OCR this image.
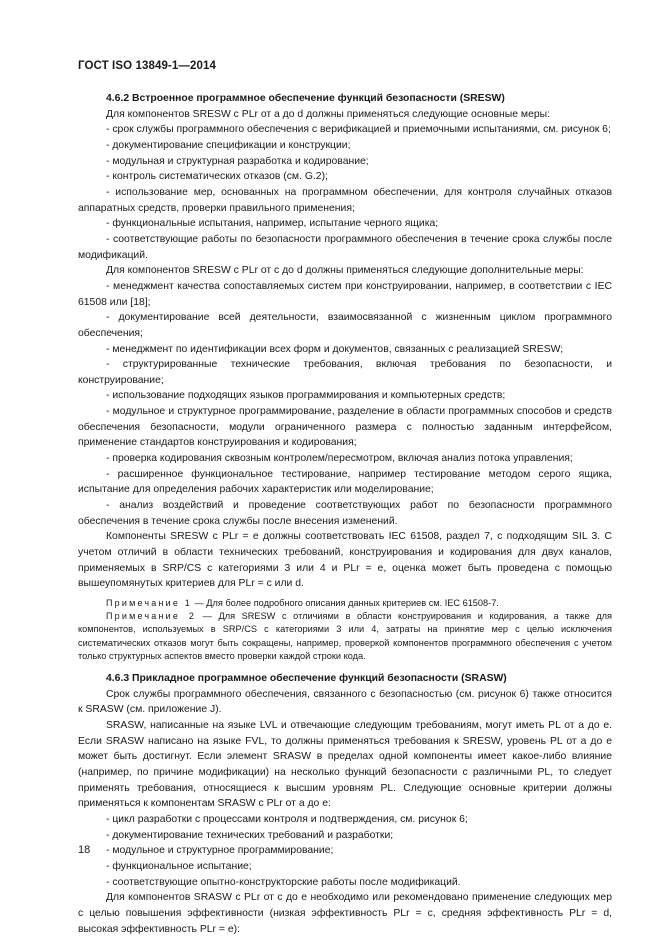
ГОСТ ISO 13849-1—2014

4.6.2 Встроенное программное обеспечение функций безопасности (SRESW)

Для компонентов SRESW с PLr от a до d должны применяться следующие основные меры:

- срок службы программного обеспечения с верификацией и приемочными испытаниями, см. рисунок 6;

- документирование спецификации и конструкции;

- модульная и структурная разработка и кодирование;

- контроль систематических отказов (см. G.2);

- использование мер, основанных на программном обеспечении, для контроля случайных отказов аппаратных средств, проверки правильного применения;

- функциональные испытания, например, испытание черного ящика;

- соответствующие работы по безопасности программного обеспечения в течение срока службы после модификаций.

Для компонентов SRESW с PLr от c до d должны применяться следующие дополнительные меры:

- менеджмент качества сопоставляемых систем при конструировании, например, в соответствии с IEC 61508 или [18];

- документирование всей деятельности, взаимосвязанной с жизненным циклом программного обеспечения;

- менеджмент по идентификации всех форм и документов, связанных с реализацией SRESW;

- структурированные технические требования, включая требования по безопасности, и конструирование;

- использование подходящих языков программирования и компьютерных средств;

- модульное и структурное программирование, разделение в области программных способов и средств обеспечения безопасности, модули ограниченного размера с полностью заданным интерфейсом, применение стандартов конструирования и кодирования;

- проверка кодирования сквозным контролем/пересмотром, включая анализ потока управления;

- расширенное функциональное тестирование, например тестирование методом серого ящика, испытание для определения рабочих характеристик или моделирование;

- анализ воздействий и проведение соответствующих работ по безопасности программного обеспечения в течение срока службы после внесения изменений.

Компоненты SRESW с PLr = e должны соответствовать IEC 61508, раздел 7, с подходящим SIL 3. С учетом отличий в области технических требований, конструирования и кодирования для двух каналов, применяемых в SRP/CS с категориями 3 или 4 и PLr = e, оценка может быть проведена с помощью вышеупомянутых критериев для PLr = c или d.

Примечание 1 — Для более подробного описания данных критериев см. IEC 61508-7.

Примечание 2 — Для SRESW с отличиями в области конструирования и кодирования, а также для компонентов, используемых в SRP/CS с категориями 3 или 4, затраты на принятие мер с целью исключения систематических отказов могут быть сокращены, например, проверкой компонентов программного обеспечения с учетом только структурных аспектов вместо проверки каждой строки кода.

4.6.3 Прикладное программное обеспечение функций безопасности (SRASW)

Срок службы программного обеспечения, связанного с безопасностью (см. рисунок 6) также относится к SRASW (см. приложение J).

SRASW, написанные на языке LVL и отвечающие следующим требованиям, могут иметь PL от a до e. Если SRASW написано на языке FVL, то должны применяться требования к SRESW, уровень PL от a до e может быть достигнут. Если элемент SRASW в пределах одной компоненты имеет какое-либо влияние (например, по причине модификации) на несколько функций безопасности с различными PL, то следует применять требования, относящиеся к высшим уровням PL. Следующие основные критерии должны применяться к компонентам SRASW с PLr от a до e:

- цикл разработки с процессами контроля и подтверждения, см. рисунок 6;

- документирование технических требований и разработки;

- модульное и структурное программирование;

- функциональное испытание;

- соответствующие опытно-конструкторские работы после модификаций.

Для компонентов SRASW с PLr от c до e необходимо или рекомендовано применение следующих мер с целью повышения эффективности (низкая эффективность PLr = c, средняя эффективность PLr = d, высокая эффективность PLr = e):

18
